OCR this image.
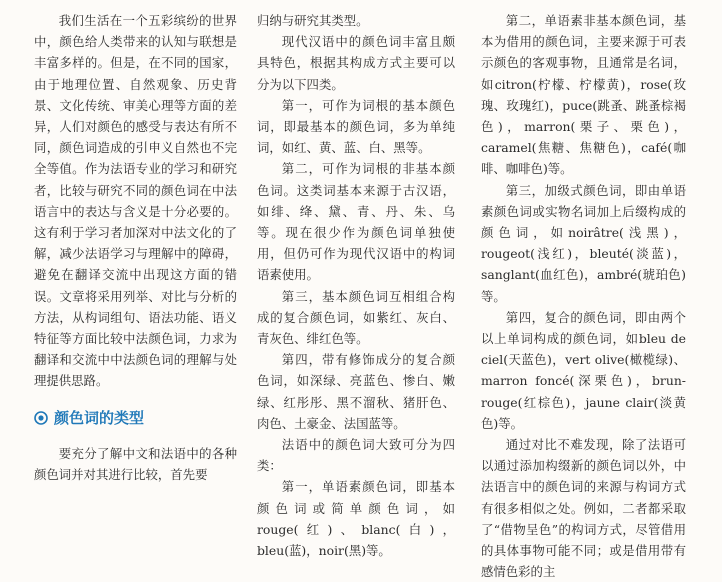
我们生活在一个五彩缤纷的世界中，颜色给人类带来的认知与联想是丰富多样的。但是，在不同的国家，由于地理位置、自然观象、历史背景、文化传统、审美心理等方面的差异，人们对颜色的感受与表达有所不同，颜色词造成的引申义自然也不完全等值。作为法语专业的学习和研究者，比较与研究不同的颜色词在中法语言中的表达与含义是十分必要的。这有利于学习者加深对中法文化的了解，减少法语学习与理解中的障碍，避免在翻译交流中出现这方面的错误。文章将采用列举、对比与分析的方法，从构词组句、语法功能、语义特征等方面比较中法颜色词，力求为翻译和交流中中法颜色词的理解与处理提供思路。

颜色词的类型

要充分了解中文和法语中的各种颜色词并对其进行比较，首先要

归纳与研究其类型。

现代汉语中的颜色词丰富且颇具特色，根据其构成方式主要可以分为以下四类。

第一，可作为词根的基本颜色词，即最基本的颜色词，多为单纯词，如红、黄、蓝、白、黑等。

第二，可作为词根的非基本颜色词。这类词基本来源于古汉语，如绯、绛、黛、青、丹、朱、乌等。现在很少作为颜色词单独使用，但仍可作为现代汉语中的构词语素使用。

第三，基本颜色词互相组合构成的复合颜色词，如紫红、灰白、青灰色、绯红色等。

第四，带有修饰成分的复合颜色词，如深绿、亮蓝色、惨白、嫩绿、红彤彤、黑不溜秋、猪肝色、肉色、土豪金、法国蓝等。

法语中的颜色词大致可分为四类：

第一，单语素颜色词，即基本颜色词或简单颜色词，如rouge(红)、blanc(白)，bleu(蓝)，noir(黑)等。

第二，单语素非基本颜色词，基本为借用的颜色词，主要来源于可表示颜色的客观事物，且通常是名词，如citron(柠檬、柠檬黄)，rose(玫瑰、玫瑰红)，puce(跳蚤、跳蚤棕褐色)，marron(栗子、栗色)，caramel(焦糖、焦糖色)，café(咖啡、咖啡色)等。

第三，加级式颜色词，即由单语素颜色词或实物名词加上后缀构成的颜色词，如noirâtre(浅黑)，rougeot(浅红)，bleuté(淡蓝)，sanglant(血红色)，ambré(琥珀色)等。

第四，复合的颜色词，即由两个以上单词构成的颜色词，如bleu de ciel(天蓝色)，vert olive(橄榄绿)、marron foncé(深栗色)，brun-rouge(红棕色)，jaune clair(淡黄色)等。

通过对比不难发现，除了法语可以通过添加构缀新的颜色词以外，中法语言中的颜色词的来源与构词方式有很多相似之处。例如，二者都采取了“借物呈色”的构词方式，尽管借用的具体事物可能不同；或是借用带有感情色彩的主
